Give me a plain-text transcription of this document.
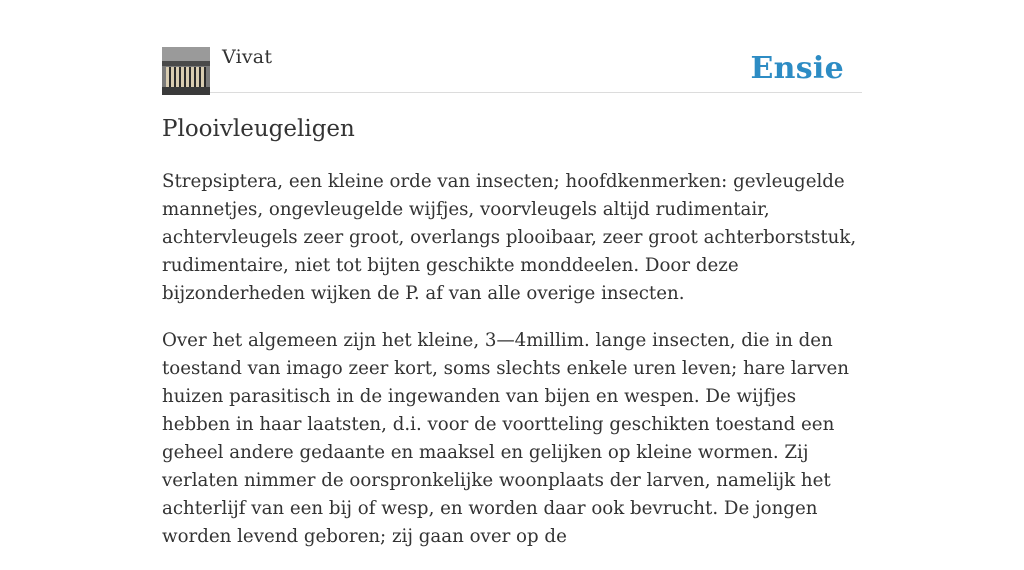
Vivat	Ensie
Plooivleugeligen

Strepsiptera, een kleine orde van insecten; hoofdkenmerken: gevleugelde mannetjes, ongevleugelde wijfjes, voorvleugels altijd rudimentair, achtervleugels zeer groot, overlangs plooibaar, zeer groot achterborststuk, rudimentaire, niet tot bijten geschikte monddeelen. Door deze bijzonderheden wijken de P. af van alle overige insecten.

Over het algemeen zijn het kleine, 3—4millim. lange insecten, die in den toestand van imago zeer kort, soms slechts enkele uren leven; hare larven huizen parasitisch in de ingewanden van bijen en wespen. De wijfjes hebben in haar laatsten, d.i. voor de voortteling geschikten toestand een geheel andere gedaante en maaksel en gelijken op kleine wormen. Zij verlaten nimmer de oorspronkelijke woonplaats der larven, namelijk het achterlijf van een bij of wesp, en worden daar ook bevrucht. De jongen worden levend geboren; zij gaan over op de
